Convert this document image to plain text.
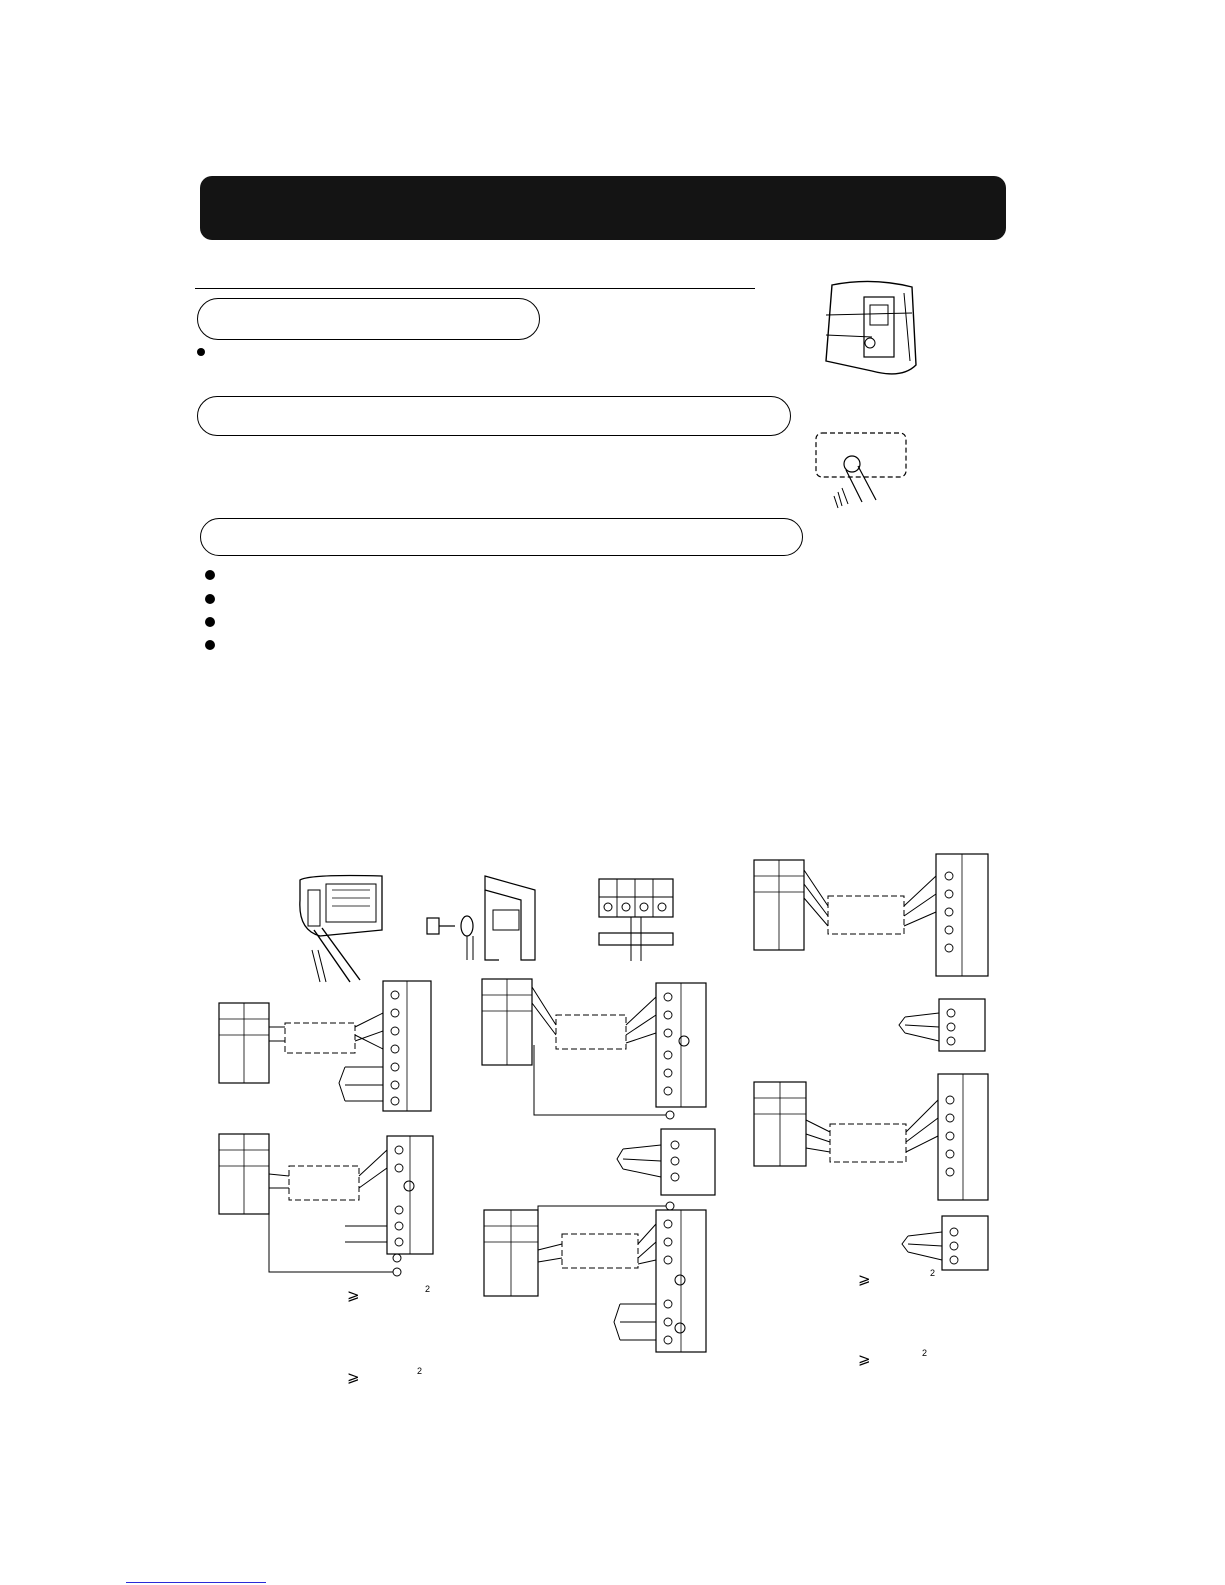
⩾	2
⩾	2
⩾	2
⩾	2
